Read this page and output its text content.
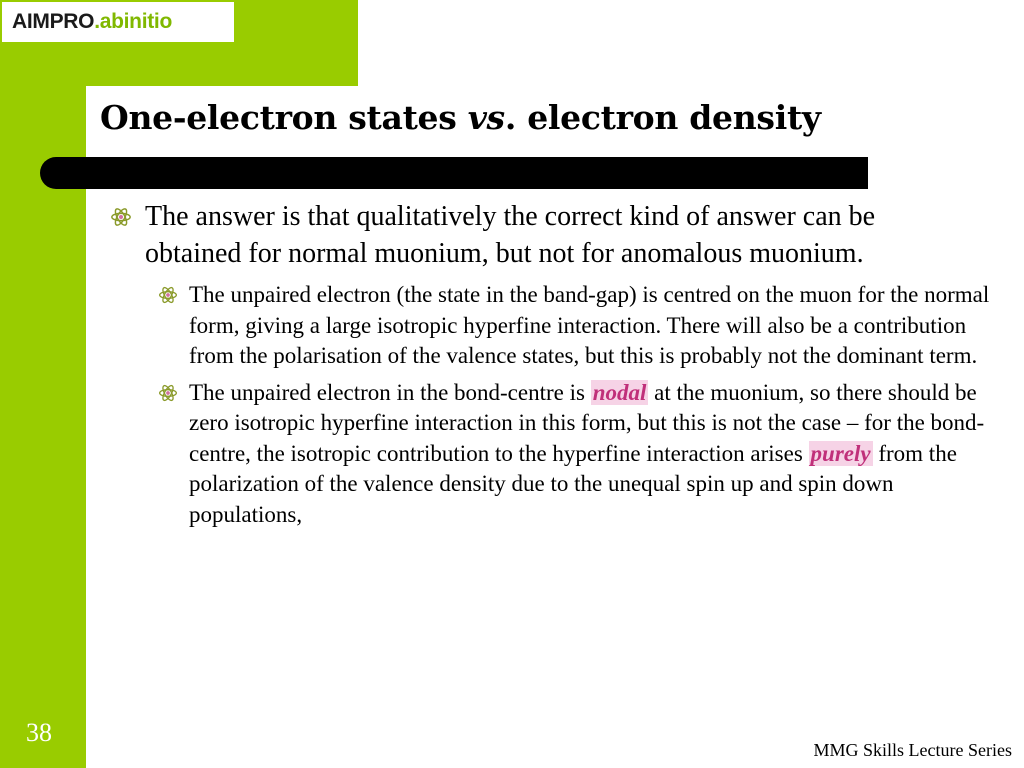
AIMPRO .abinitio
One-electron states vs. electron density

The answer is that qualitatively the correct kind of answer can be obtained for normal muonium, but not for anomalous muonium.

The unpaired electron (the state in the band-gap) is centred on the muon for the normal form, giving a large isotropic hyperfine interaction. There will also be a contribution from the polarisation of the valence states, but this is probably not the dominant term.

The unpaired electron in the bond-centre is nodal at the muonium, so there should be zero isotropic hyperfine interaction in this form, but this is not the case – for the bond-centre, the isotropic contribution to the hyperfine interaction arises purely from the polarization of the valence density due to the unequal spin up and spin down populations,

38
MMG Skills Lecture Series
